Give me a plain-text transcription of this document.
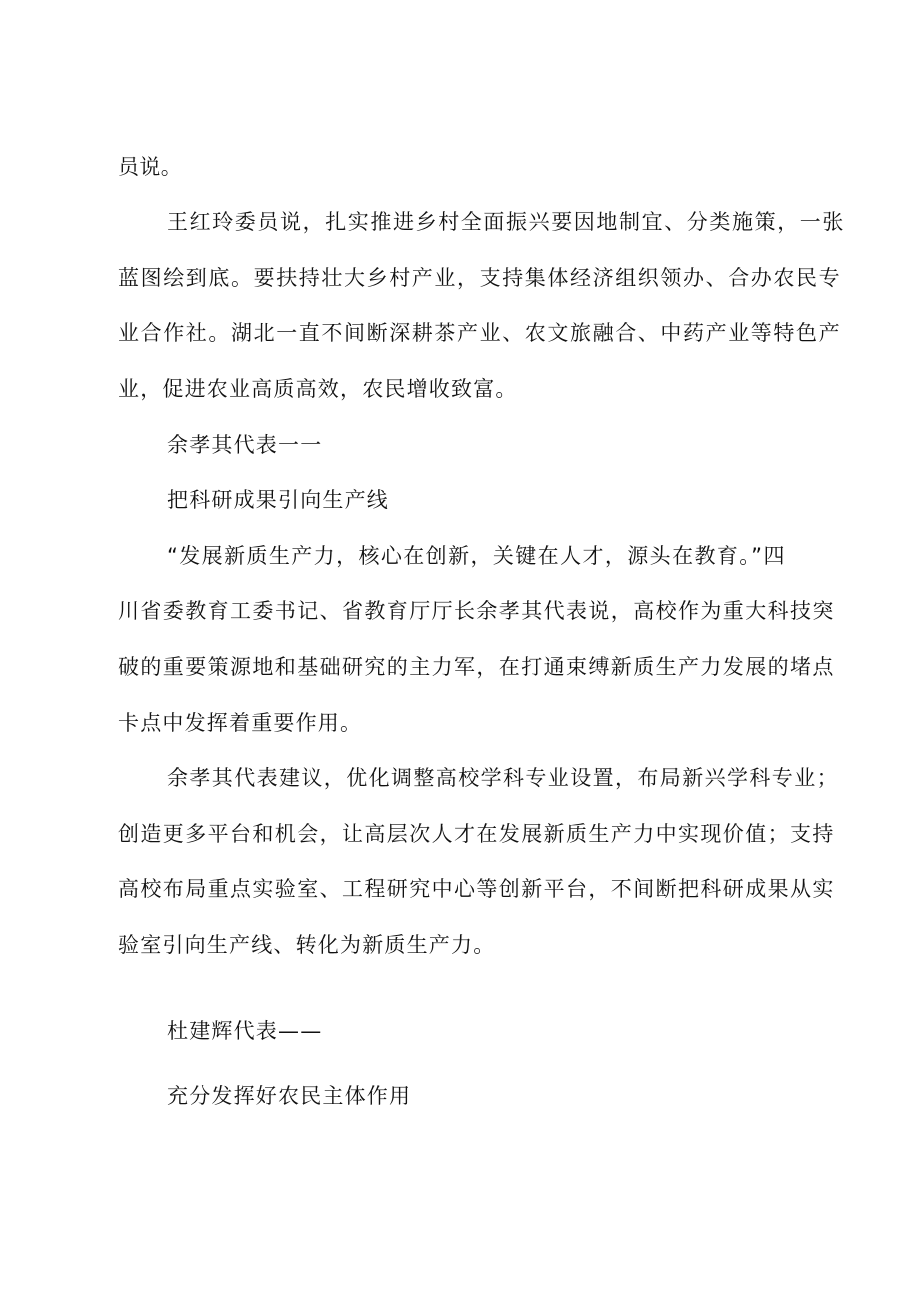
员说。
王红玲委员说，扎实推进乡村全面振兴要因地制宜、分类施策，一张
蓝图绘到底。要扶持壮大乡村产业，支持集体经济组织领办、合办农民专
业合作社。湖北一直不间断深耕茶产业、农文旅融合、中药产业等特色产
业，促进农业高质高效，农民增收致富。
余孝其代表一一
把科研成果引向生产线
“发展新质生产力，核心在创新，关键在人才，源头在教育。”四
川省委教育工委书记、省教育厅厅长余孝其代表说，高校作为重大科技突
破的重要策源地和基础研究的主力军，在打通束缚新质生产力发展的堵点
卡点中发挥着重要作用。
余孝其代表建议，优化调整高校学科专业设置，布局新兴学科专业；
创造更多平台和机会，让高层次人才在发展新质生产力中实现价值；支持
高校布局重点实验室、工程研究中心等创新平台，不间断把科研成果从实
验室引向生产线、转化为新质生产力。
杜建辉代表——
充分发挥好农民主体作用
